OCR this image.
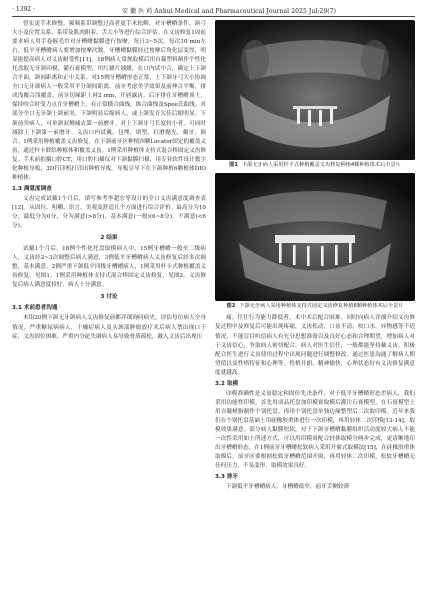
· 1392 ·	安 徽 医 药 Anhui Medical and Pharmaceutical Journal 2025 Jul;29(7)

曾实更手术修整。频频系带调整过高者更手术松解。对牙槽嵴条件、颌弓大小及位置关系、系带及肌肉附着、舌大小等进行综合评估。在义齿修复1周前要求病人用手卷握毛巾对牙槽嵴黏膜进行按摩，每日3~5次，每次10 min左右。低平牙槽嵴病人要增加按摩次数。牙槽嵴黏膜经过按摩后角化层变厚，明显能提高病人对义齿耐受性[11]。18例病人常规取模后用自凝塑料制作个性化托盘取无牙颌印模，灌石膏模型，用红蜡片铺蜡，在口内试中合，确定上下颌合平面，颌间距离和正中关系。对15例牙槽嵴形态正常，上下颌牙弓大小协调全口无牙颌病人一般采用平分颌间距离。前牙考虑美学效果及前伸合平衡，排成浅覆合浅覆盖。前牙切缘距上唇2 mm，开唇露齿。后牙排在牙槽嵴顶上，保持咬合时受力点在牙槽嵴上。有正常横合曲线，纵合曲线及Spee氏曲线。对部分全口无牙颌上颌前突，下颌明显后缩病人，或上颌发育欠佳后缩明显，下颌前突病人，可单颌双侧减去第一前磨牙。对上下颌牙弓长度较小者，可同时减除上下颌第一前磨牙。义齿口内试戴，包埋，填塑，打磨抛光，戴牙，调合。1例采用种植覆盖义齿修复。在下颌前牙区种植四颗Locator固定的覆盖义齿，通过杆卡联结种植体和覆盖义齿。1例采用种植体支持式混合桥固定义齿修复。手术前拍摄口腔CT，用口腔扫描仪对下颌黏膜扫描，用专业软件设计数字化种植导板，3D打印机打印出种植导板。导板引导下在下颌种植6颗植体DIO种植体。

1.3 满意度调查

义齿完成试戴1个月后，填写参考李超宏等设计的全口义齿满意度调查表[12]。从固位、咀嚼、语言、美观及舒适几个方面进行综合评价。最高分为10分，最低分为0分，分为满意(>8分)，基本满意(一般)(6~8分)，不满意(<6分)。

2 结果

试戴1个月后，18例个性化托盘取模病人中，15例牙槽嵴一般至二级病人，义齿经2~3次调整后病人满意，3例低平牙槽嵴病人义齿修复后经多次调整，基本满意。2例严重下颌低平四级牙槽嵴病人，1例采用杆卡式种植覆盖义齿修复，见图1。1例采用种植体支持式混合桥固定义齿修复，见图2。义齿修复后病人满意度较好，病人十分满意。

3 讨论
3.1 术前患者沟通

本组20例下颌无牙颌病人义齿修复前都详细询问病史，评估每位病人全身情况。严重糖尿病病人，干燥症病人及头颈部肿瘤放疗术后病人禁出现口干症，义齿固位困难。严重内分泌失调病人易导致骨质疏松，戴入义齿后出现压

图1 下颌无牙病人采用杆卡式种植覆盖义齿修复种植4颗种植体术后全景片
图2 下颌无牙病人采用种植体支持式固定义齿修复种植6颗种植体术后全景片

痛。往往行为能力降低者，术中术后配合困难。同时向病人详细介绍义齿修复过程中及修复后可能出现疼痛，义齿松动，口齿不清，咬口水，异物感等不适情况，不能盲目听信病人有充分思想准备以及良好心态和合理期望，增加病人对于义齿信心，争取病人密切配合。病人对医生信任，一般都能坚持戴义齿，积极配合医生进行义齿使用过程中出现问题进行调整修改。通过医患沟通了解病人期望值以及性格特征和心理等。性格开朗，精神愉快，心理状态好有义齿修复满意度就越高。

3.2 取模

印模准确性是义齿稳定和固位先决条件。对于低平牙槽嵴形态差病人，我们采用功能性印模。首先用成品托盘加印模膏取模后灌注石膏模型，在石膏模型上用自凝树脂制作个别托盘。再用个别托盘单独边缘整塑后二次取印模。近年来我们在个别托盘基础上用硅橡胶重体进行一次印模，再用轻体二次印模[13-14]，取模效果满意。部分病人黏膜松软，对于下颌牙槽嵴黏膜组织活动度较大病人不能一次性采用如上所述方式，可以用印模膏配合轻体取模分两步完成，更清晰地印出牙槽嵴形态。在1例前牙牙槽嵴松软病人采用开窗式取模法[15]，在硅橡胶重体取模后，前牙区要根据松软牙槽嵴范围开窗，再用轻体二次印模，松软牙槽嵴无任何压力，不易变形，取模效果良好。

3.3 排牙

下颌低平牙槽嵴病人，牙槽嵴低窄，前牙舌侧较薄
